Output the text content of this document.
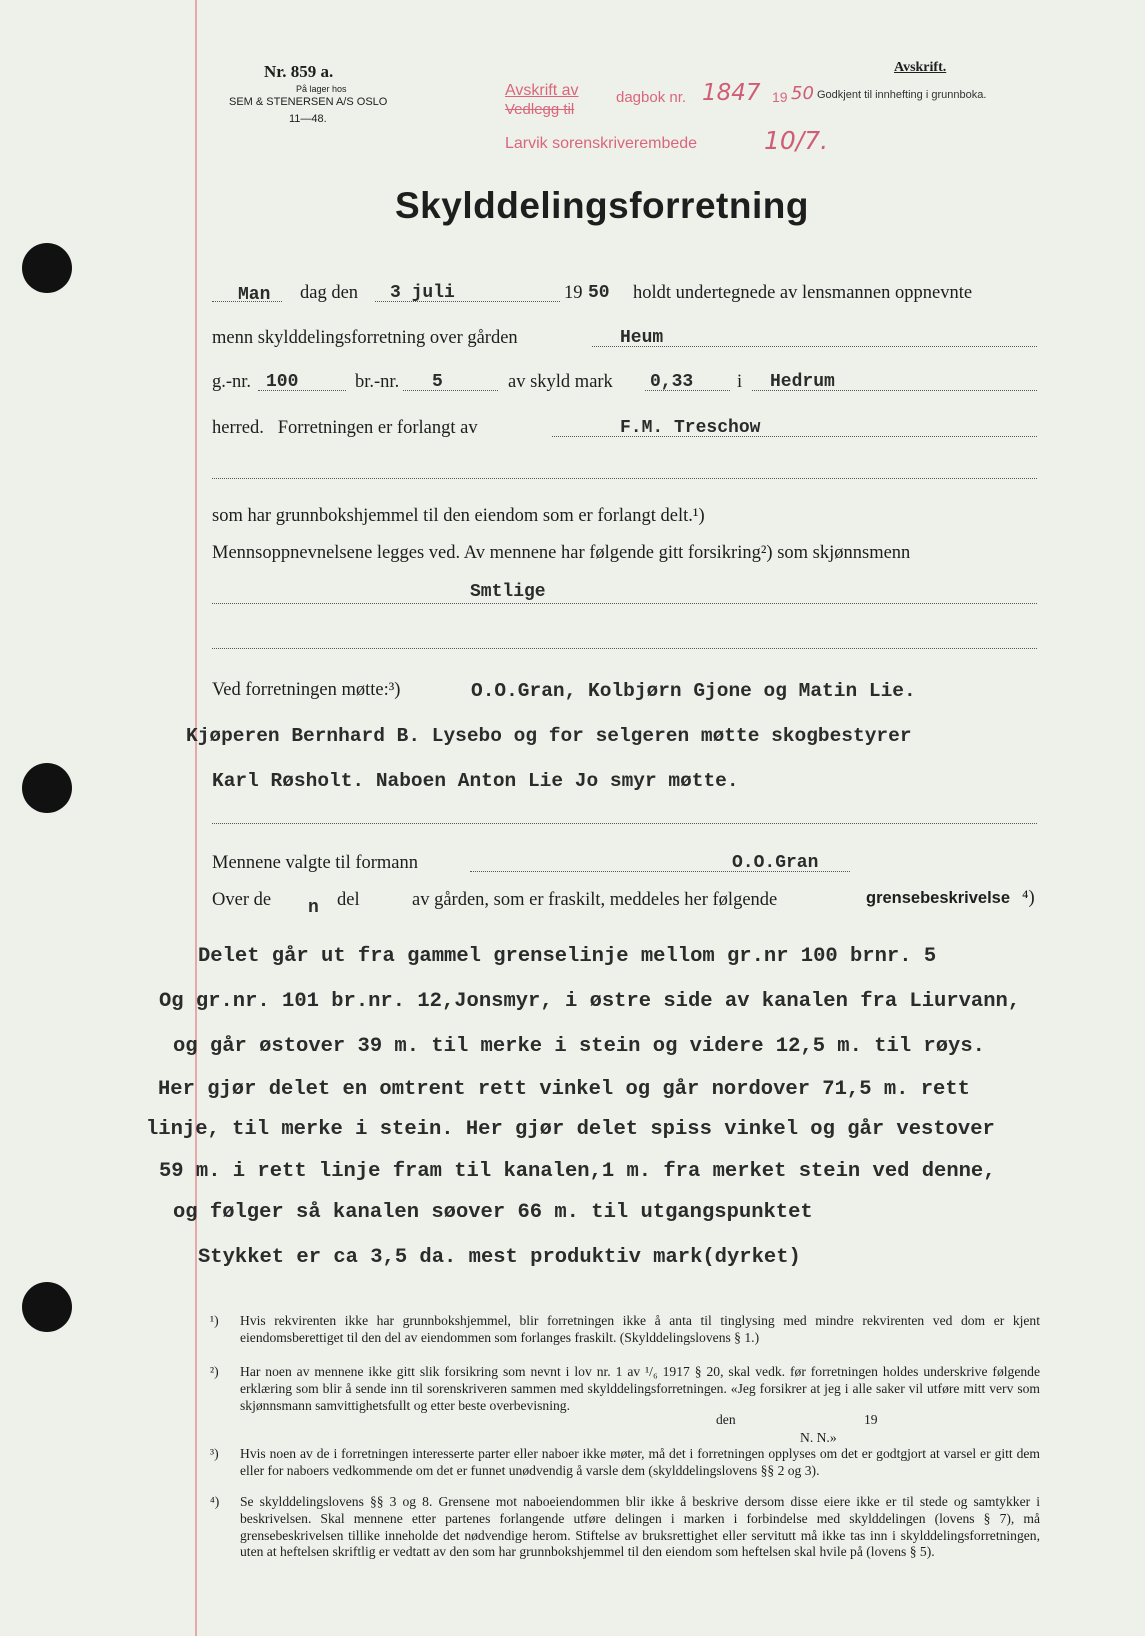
Nr. 859 a.
På lager hos
SEM & STENERSEN A/S OSLO
11—48.
Avskrift av
Vedlegg til
dagbok nr. 1847 19 50 Godkjent til innhefting i grunnboka.
Larvik sorenskriverembede	10/7.
Avskrift.
Skylddelingsforretning
Man dag den 3 juli	19 50 holdt undertegnede av lensmannen oppnevnte
menn skylddelingsforretning over gården	Heum
g.-nr. 100	br.-nr. 5	av skyld mark 0,33 i Hedrum
herred.   Forretningen er forlangt av	F.M. Treschow
som har grunnbokshjemmel til den eiendom som er forlangt delt.¹)
Mennsoppnevnelsene legges ved. Av mennene har følgende gitt forsikring²) som skjønnsmenn
Smtlige
Ved forretningen møtte:³)	O.O.Gran, Kolbjørn Gjone og Matin Lie.
Kjøperen Bernhard B. Lysebo og for selgeren møtte skogbestyrer
Karl Røsholt. Naboen Anton Lie Jo smyr møtte.
Mennene valgte til formann	O.O.Gran
Over de n del	av gården, som er fraskilt, meddeles her følgende	grensebeskrivelse ⁴)
Delet går ut fra gammel grenselinje mellom gr.nr 100 brnr. 5
Og gr.nr. 101 br.nr. 12,Jonsmyr, i østre side av kanalen fra Liurvann,
og går østover 39 m. til merke i stein og videre 12,5 m. til røys.
Her gjør delet en omtrent rett vinkel og går nordover 71,5 m. rett
linje, til merke i stein. Her gjør delet spiss vinkel og går vestover
59 m. i rett linje fram til kanalen,1 m. fra merket stein ved denne,
og følger så kanalen søover 66 m. til utgangspunktet
Stykket er ca 3,5 da. mest produktiv mark(dyrket)
¹) Hvis rekvirenten ikke har grunnbokshjemmel, blir forretningen ikke å anta til tinglysing med mindre rekvirenten ved dom er kjent eiendomsberettiget til den del av eiendommen som forlanges fraskilt. (Skylddelingslovens § 1.)
²) Har noen av mennene ikke gitt slik forsikring som nevnt i lov nr. 1 av ¹/₆ 1917 § 20, skal vedk. før forretningen holdes underskrive følgende erklæring som blir å sende inn til sorenskriveren sammen med skylddelingsforretningen. «Jeg forsikrer at jeg i alle saker vil utføre mitt verv som skjønnsmann samvittighetsfullt og etter beste overbevisning.
den	19
N. N.»
³) Hvis noen av de i forretningen interesserte parter eller naboer ikke møter, må det i forretningen opplyses om det er godtgjort at varsel er gitt dem eller for naboers vedkommende om det er funnet unødvendig å varsle dem (skylddelingslovens §§ 2 og 3).
⁴) Se skylddelingslovens §§ 3 og 8. Grensene mot naboeiendommen blir ikke å beskrive dersom disse eiere ikke er til stede og samtykker i beskrivelsen. Skal mennene etter partenes forlangende utføre delingen i marken i forbindelse med skylddelingen (lovens § 7), må grensebeskrivelsen tillike inneholde det nødvendige herom. Stiftelse av bruksrettighet eller servitutt må ikke tas inn i skylddelingsforretningen, uten at heftelsen skriftlig er vedtatt av den som har grunnbokshjemmel til den eiendom som heftelsen skal hvile på (lovens § 5).
